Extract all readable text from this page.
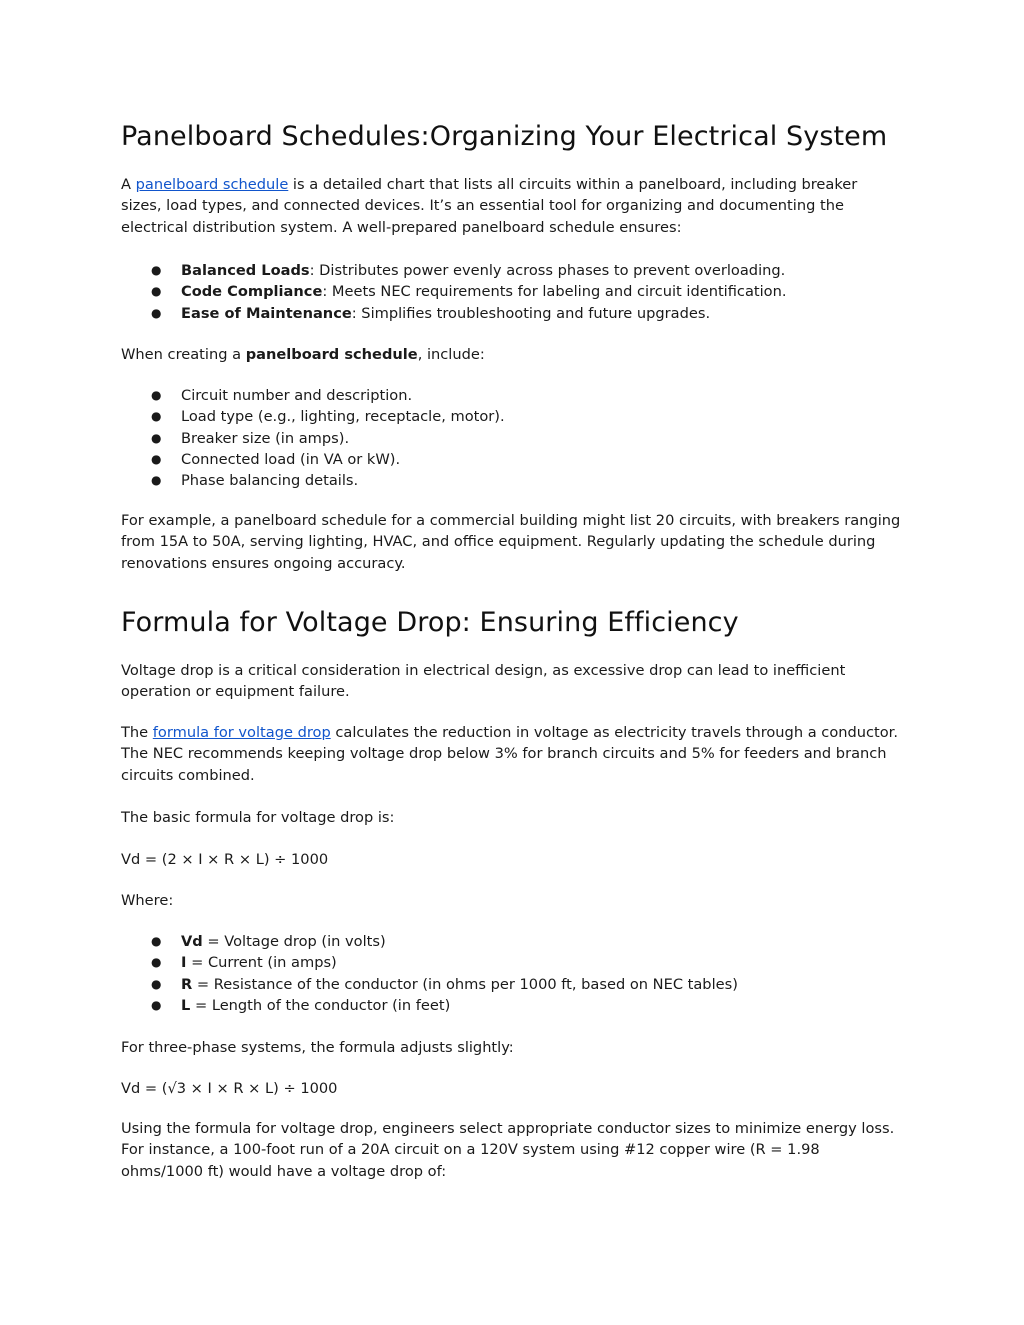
Panelboard Schedules:Organizing Your Electrical System

A panelboard schedule is a detailed chart that lists all circuits within a panelboard, including breaker sizes, load types, and connected devices. It’s an essential tool for organizing and documenting the electrical distribution system. A well-prepared panelboard schedule ensures:

● Balanced Loads: Distributes power evenly across phases to prevent overloading.
● Code Compliance: Meets NEC requirements for labeling and circuit identification.
● Ease of Maintenance: Simplifies troubleshooting and future upgrades.

When creating a panelboard schedule, include:

● Circuit number and description.
● Load type (e.g., lighting, receptacle, motor).
● Breaker size (in amps).
● Connected load (in VA or kW).
● Phase balancing details.

For example, a panelboard schedule for a commercial building might list 20 circuits, with breakers ranging from 15A to 50A, serving lighting, HVAC, and office equipment. Regularly updating the schedule during renovations ensures ongoing accuracy.

Formula for Voltage Drop: Ensuring Efficiency

Voltage drop is a critical consideration in electrical design, as excessive drop can lead to inefficient operation or equipment failure.

The formula for voltage drop calculates the reduction in voltage as electricity travels through a conductor. The NEC recommends keeping voltage drop below 3% for branch circuits and 5% for feeders and branch circuits combined.

The basic formula for voltage drop is:

Vd = (2 × I × R × L) ÷ 1000

Where:

● Vd = Voltage drop (in volts)
● I = Current (in amps)
● R = Resistance of the conductor (in ohms per 1000 ft, based on NEC tables)
● L = Length of the conductor (in feet)

For three-phase systems, the formula adjusts slightly:

Vd = (√3 × I × R × L) ÷ 1000

Using the formula for voltage drop, engineers select appropriate conductor sizes to minimize energy loss. For instance, a 100-foot run of a 20A circuit on a 120V system using #12 copper wire (R = 1.98 ohms/1000 ft) would have a voltage drop of:
